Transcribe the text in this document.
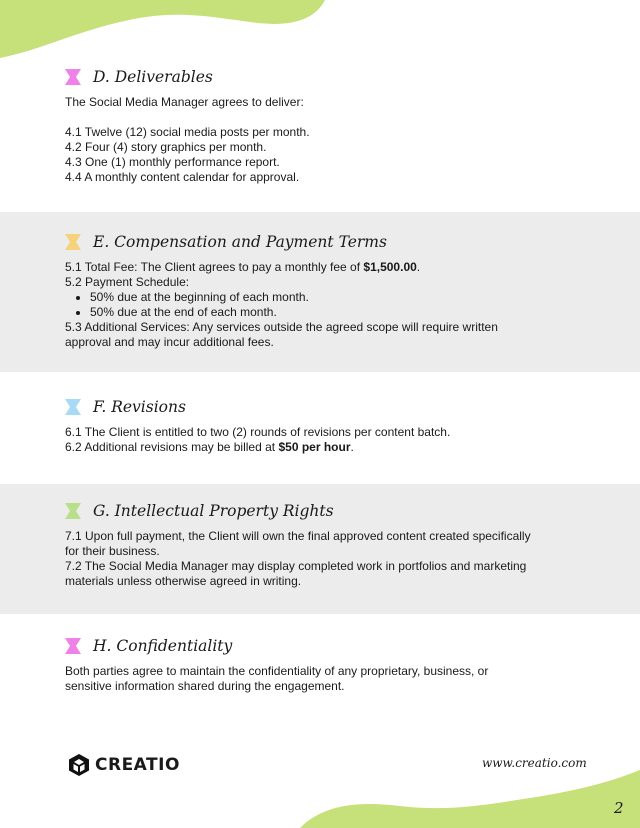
D. Deliverables
The Social Media Manager agrees to deliver:
4.1 Twelve (12) social media posts per month.
4.2 Four (4) story graphics per month.
4.3 One (1) monthly performance report.
4.4 A monthly content calendar for approval.
E. Compensation and Payment Terms
5.1 Total Fee: The Client agrees to pay a monthly fee of $1,500.00.
5.2 Payment Schedule:
• 50% due at the beginning of each month.
• 50% due at the end of each month.
5.3 Additional Services: Any services outside the agreed scope will require written
approval and may incur additional fees.
F. Revisions
6.1 The Client is entitled to two (2) rounds of revisions per content batch.
6.2 Additional revisions may be billed at $50 per hour.
G. Intellectual Property Rights
7.1 Upon full payment, the Client will own the final approved content created specifically
for their business.
7.2 The Social Media Manager may display completed work in portfolios and marketing
materials unless otherwise agreed in writing.
H. Confidentiality
Both parties agree to maintain the confidentiality of any proprietary, business, or
sensitive information shared during the engagement.
CREATIO	www.creatio.com
2
